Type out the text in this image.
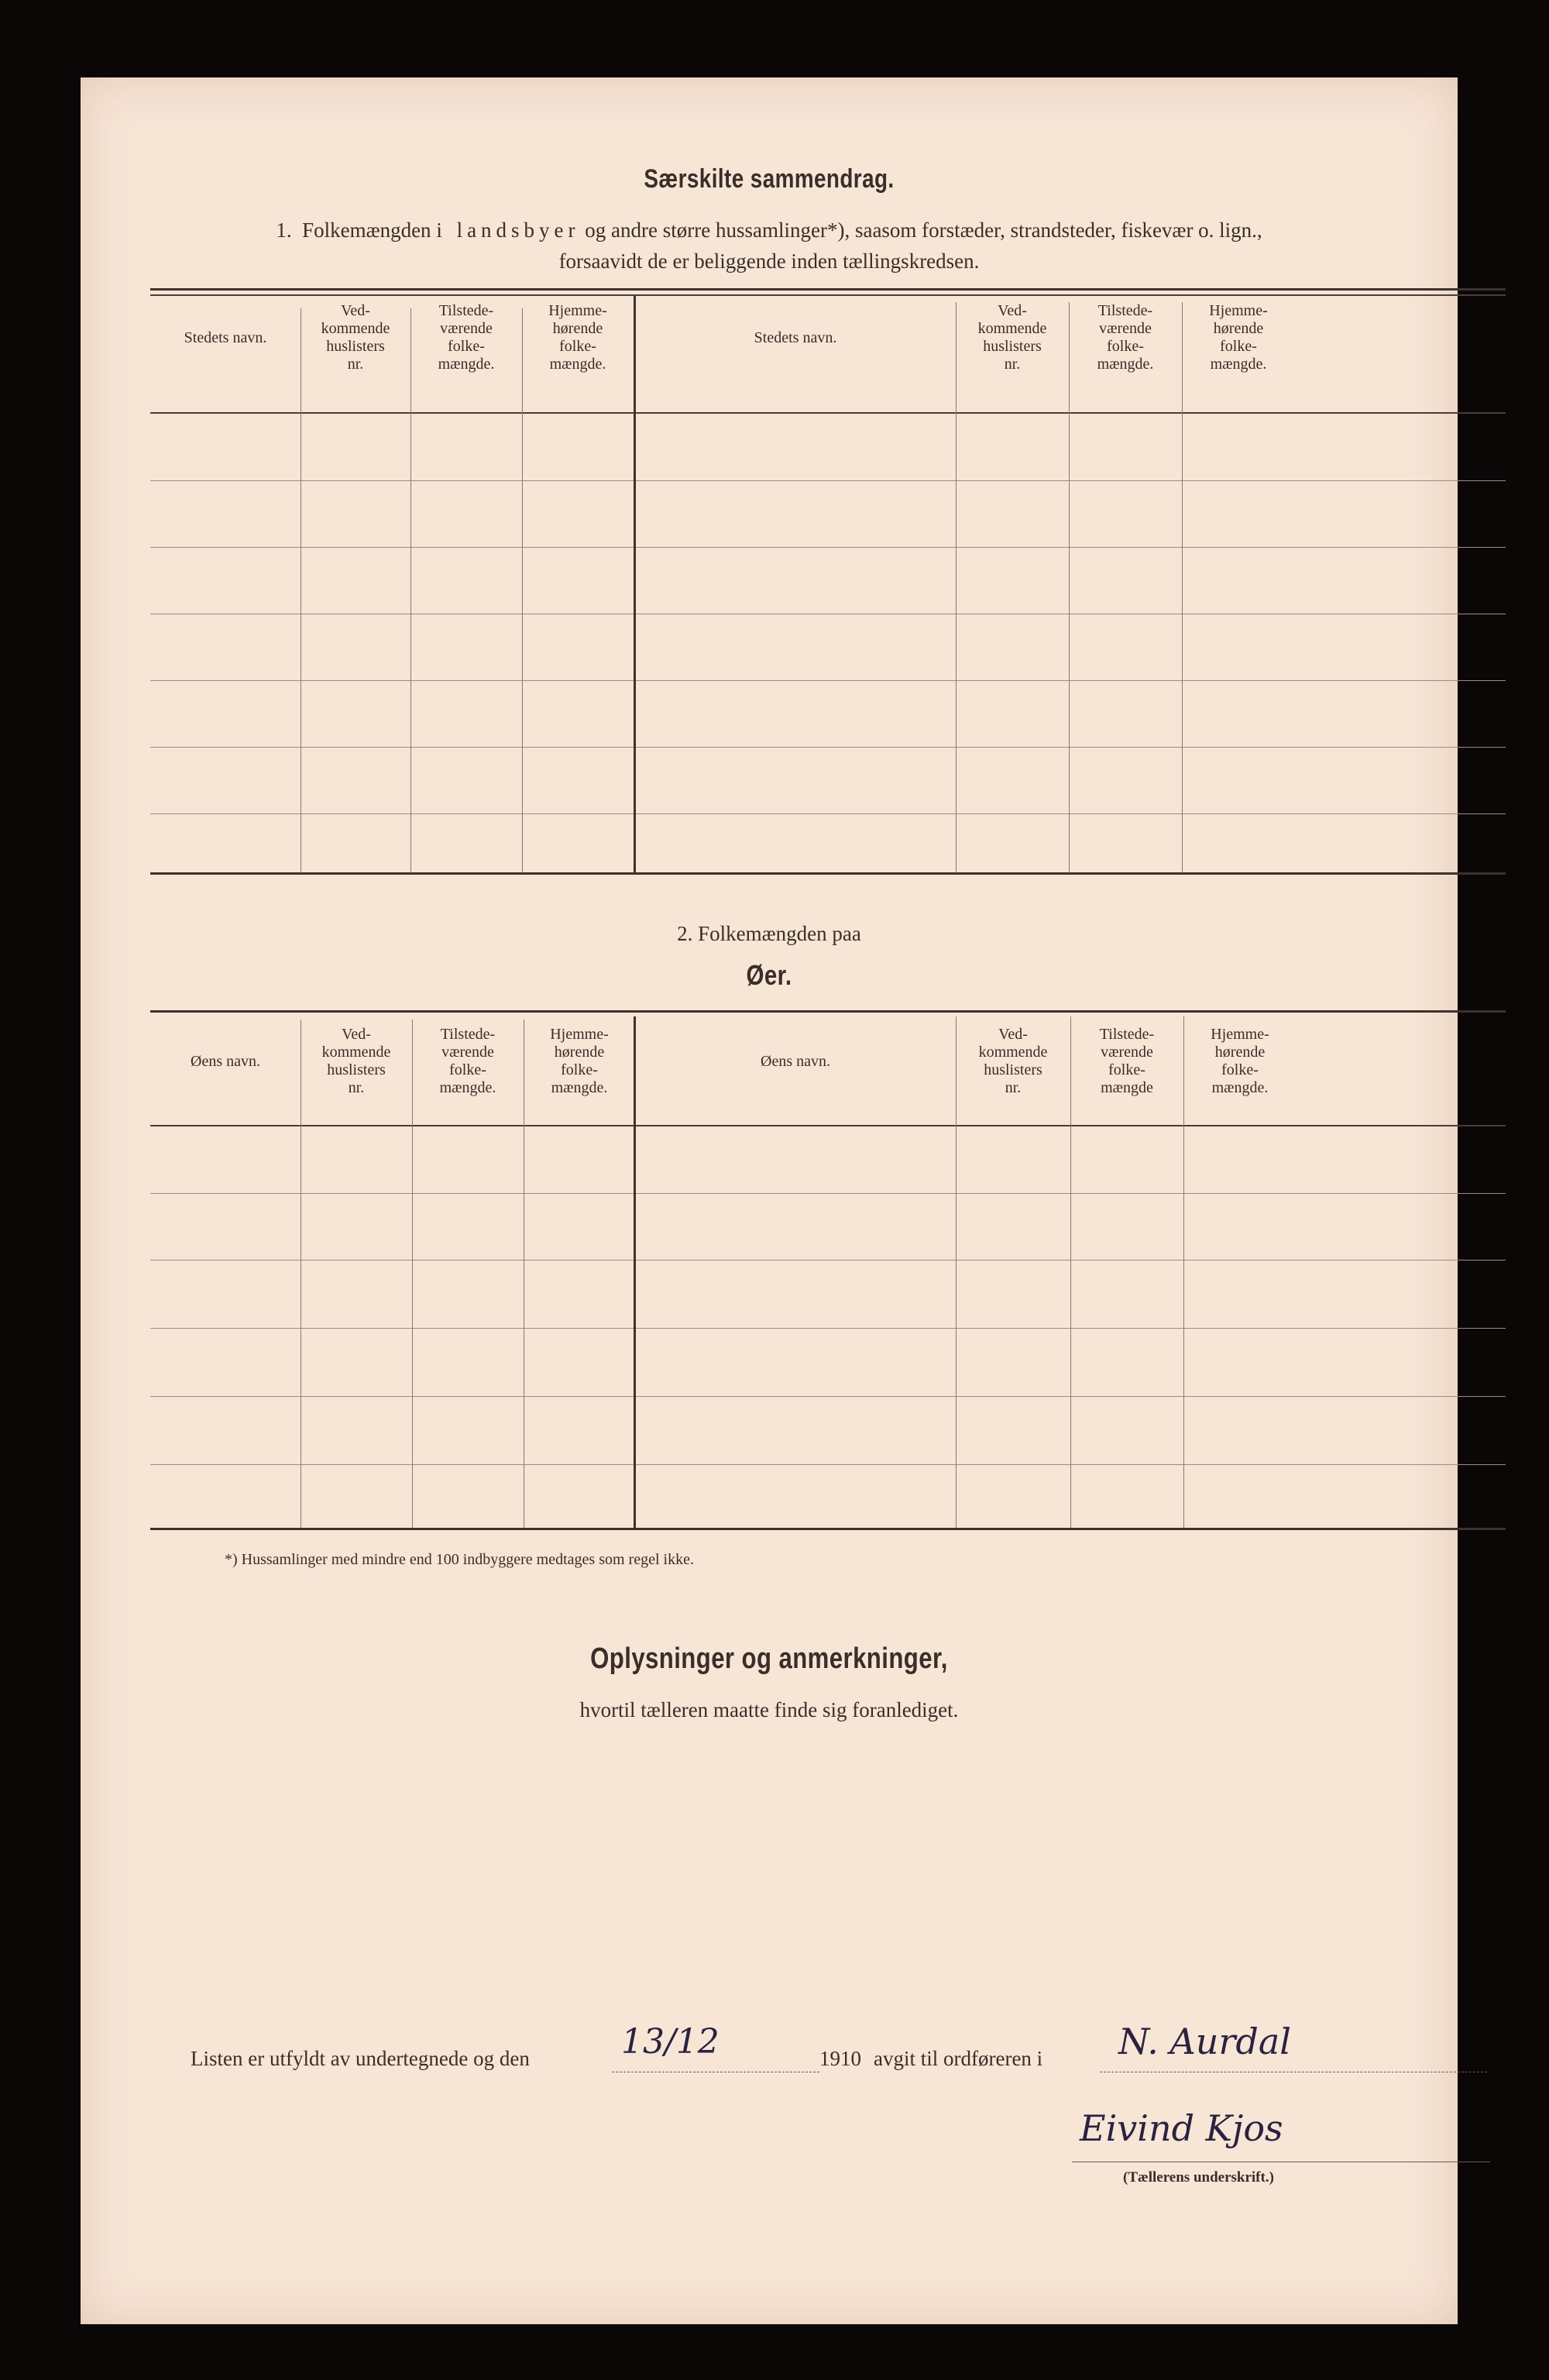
Særskilte sammendrag.
1. Folkemængden i landsbyer og andre større hussamlinger*), saasom forstæder, strandsteder, fiskevær o. lign.,
forsaavidt de er beliggende inden tællingskredsen.
Stedets navn.
Ved-
kommende
huslisters
nr.
Tilstede-
værende
folke-
mængde.
Hjemme-
hørende
folke-
mængde.
Stedets navn.
Ved-
kommende
huslisters
nr.
Tilstede-
værende
folke-
mængde.
Hjemme-
hørende
folke-
mængde.
2. Folkemængden paa
Øer.
Øens navn.
Ved-
kommende
huslisters
nr.
Tilstede-
værende
folke-
mængde.
Hjemme-
hørende
folke-
mængde.
Øens navn.
Ved-
kommende
huslisters
nr.
Tilstede-
værende
folke-
mængde
Hjemme-
hørende
folke-
mængde.
*) Hussamlinger med mindre end 100 indbyggere medtages som regel ikke.
Oplysninger og anmerkninger,
hvortil tælleren maatte finde sig foranlediget.
Listen er utfyldt av undertegnede og den	13/12	1910 avgit til ordføreren i N. Aurdal
Eivind Kjos
(Tællerens underskrift.)
